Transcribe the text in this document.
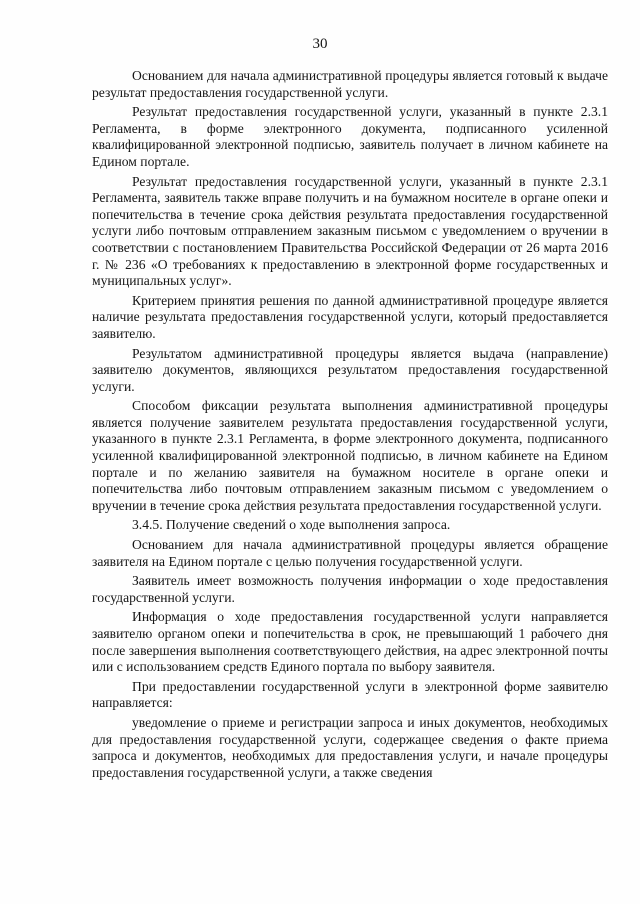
30

Основанием для начала административной процедуры является готовый к выдаче результат предоставления государственной услуги.

Результат предоставления государственной услуги, указанный в пункте 2.3.1 Регламента, в форме электронного документа, подписанного усиленной квалифицированной электронной подписью, заявитель получает в личном кабинете на Едином портале.

Результат предоставления государственной услуги, указанный в пункте 2.3.1 Регламента, заявитель также вправе получить и на бумажном носителе в органе опеки и попечительства в течение срока действия результата предоставления государственной услуги либо почтовым отправлением заказным письмом с уведомлением о вручении в соответствии с постановлением Правительства Российской Федерации от 26 марта 2016 г. № 236 «О требованиях к предоставлению в электронной форме государственных и муниципальных услуг».

Критерием принятия решения по данной административной процедуре является наличие результата предоставления государственной услуги, который предоставляется заявителю.

Результатом административной процедуры является выдача (направление) заявителю документов, являющихся результатом предоставления государственной услуги.

Способом фиксации результата выполнения административной процедуры является получение заявителем результата предоставления государственной услуги, указанного в пункте 2.3.1 Регламента, в форме электронного документа, подписанного усиленной квалифицированной электронной подписью, в личном кабинете на Едином портале и по желанию заявителя на бумажном носителе в органе опеки и попечительства либо почтовым отправлением заказным письмом с уведомлением о вручении в течение срока действия результата предоставления государственной услуги.

3.4.5. Получение сведений о ходе выполнения запроса.

Основанием для начала административной процедуры является обращение заявителя на Едином портале с целью получения государственной услуги.

Заявитель имеет возможность получения информации о ходе предоставления государственной услуги.

Информация о ходе предоставления государственной услуги направляется заявителю органом опеки и попечительства в срок, не превышающий 1 рабочего дня после завершения выполнения соответствующего действия, на адрес электронной почты или с использованием средств Единого портала по выбору заявителя.

При предоставлении государственной услуги в электронной форме заявителю направляется:

уведомление о приеме и регистрации запроса и иных документов, необходимых для предоставления государственной услуги, содержащее сведения о факте приема запроса и документов, необходимых для предоставления услуги, и начале процедуры предоставления государственной услуги, а также сведения
